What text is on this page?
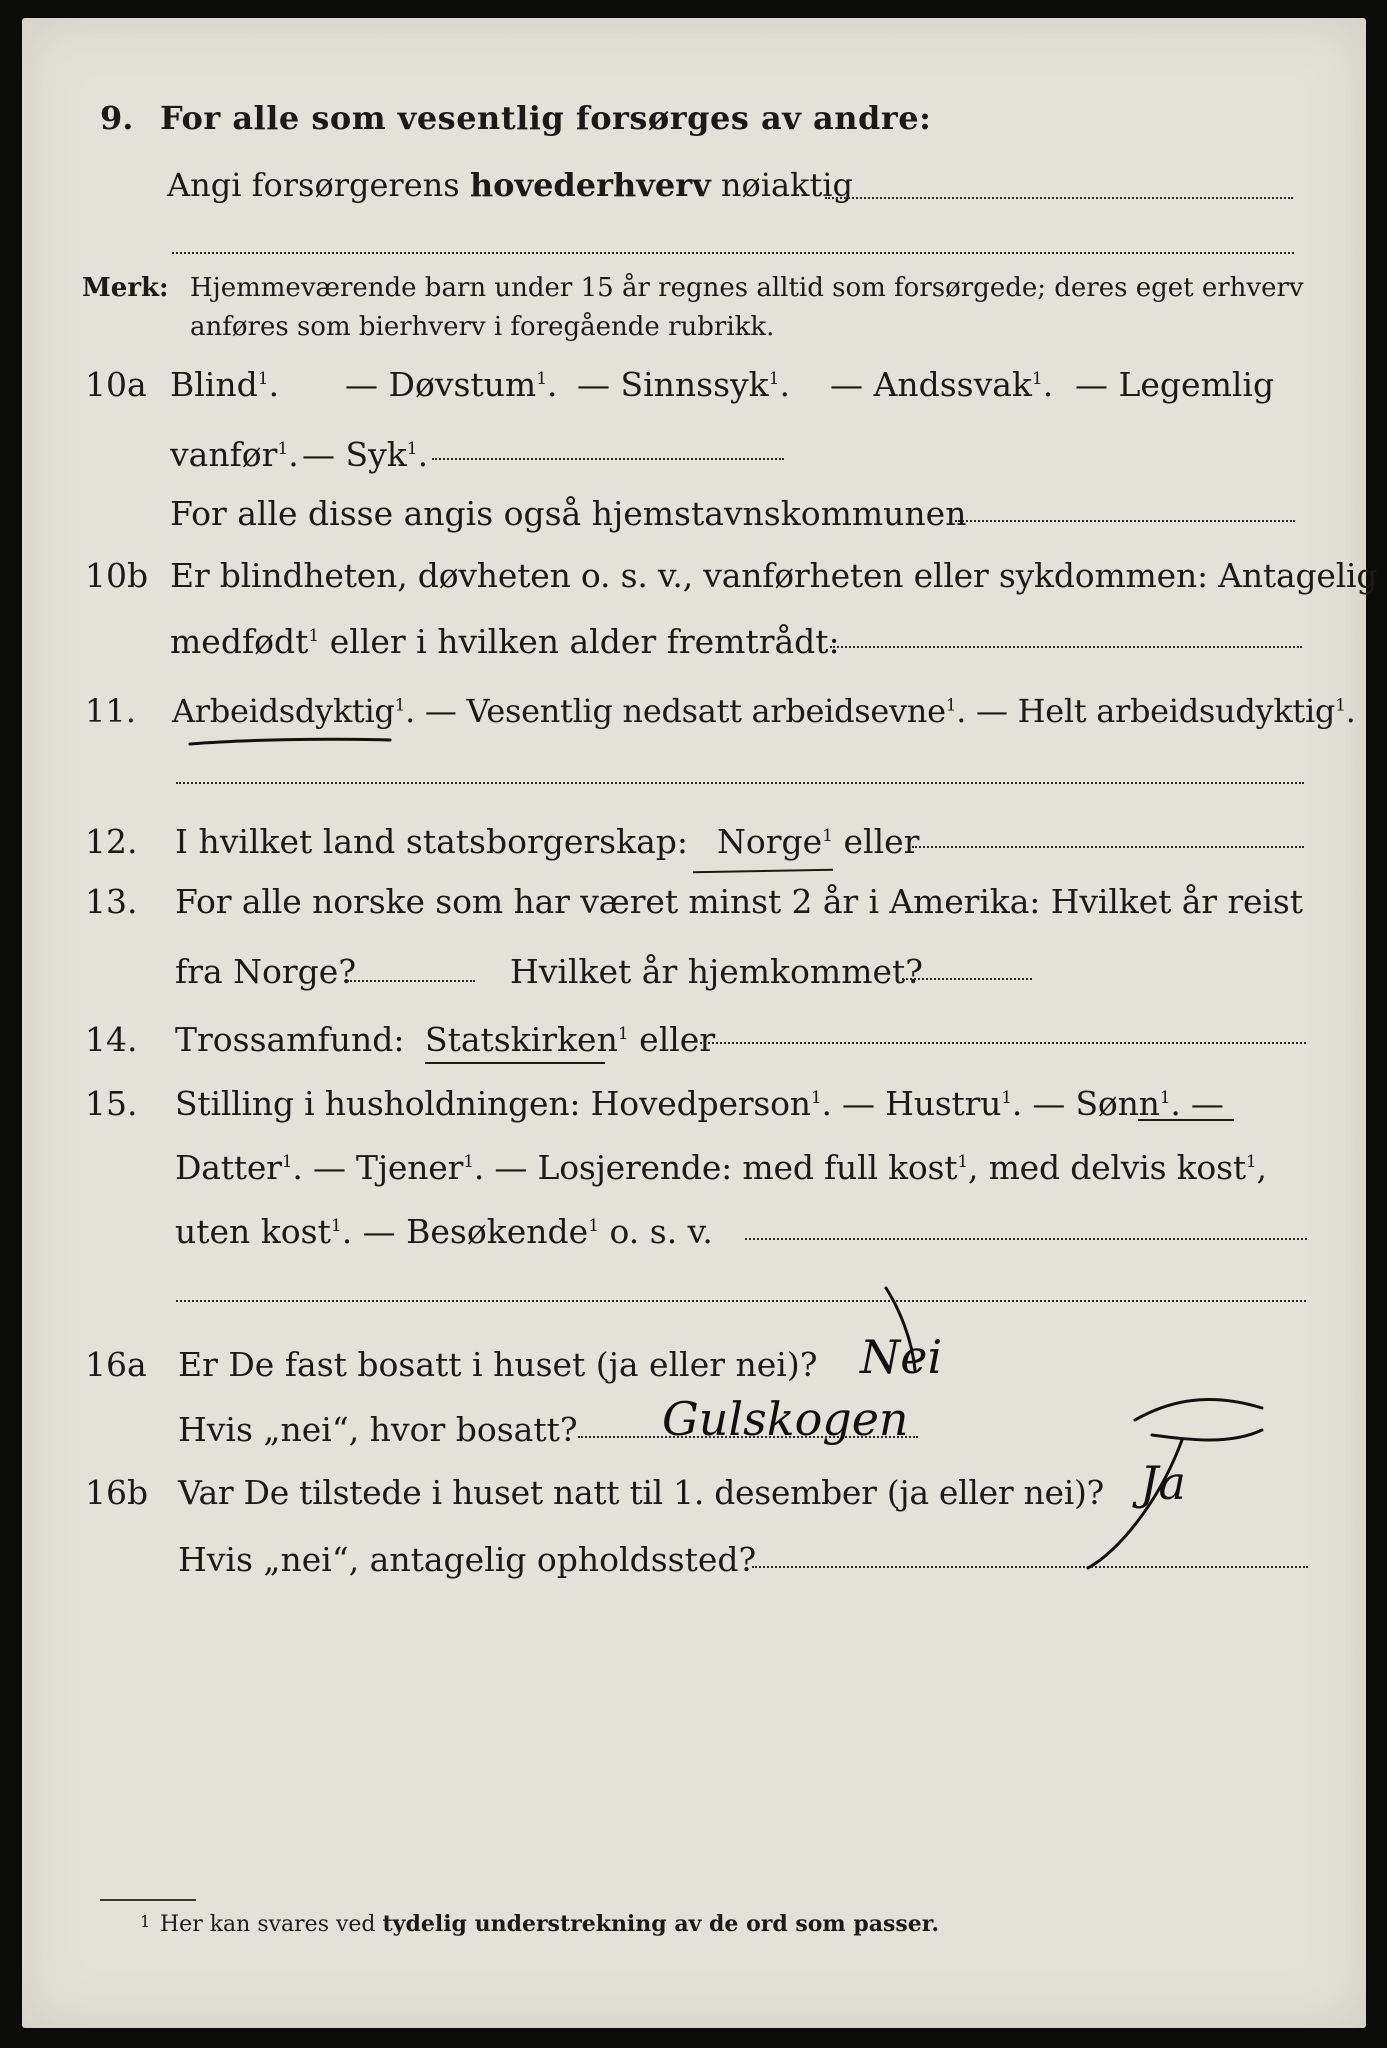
9. For alle som vesentlig forsørges av andre:
Angi forsørgerens hovederhverv nøiaktig
Merk: Hjemmeværende barn under 15 år regnes alltid som forsørgede; deres eget erhverv
anføres som bierhverv i foregående rubrikk.
10a Blind$^1$. — Døvstum$^1$. — Sinnssyk$^1$. — Andssvak$^1$. — Legemlig
vanfør$^1$. — Syk$^1$.
For alle disse angis også hjemstavnskommunen
10b Er blindheten, døvheten o. s. v., vanførheten eller sykdommen: Antagelig
medfødt$^1$ eller i hvilken alder fremtrådt:
11. Arbeidsdyktig$^1$. — Vesentlig nedsatt arbeidsevne$^1$. — Helt arbeidsudyktig$^1$.
12. I hvilket land statsborgerskap: Norge$^1$ eller
13. For alle norske som har været minst 2 år i Amerika: Hvilket år reist
fra Norge?	Hvilket år hjemkommet?
14. Trossamfund: Statskirken$^1$ eller
15. Stilling i husholdningen: Hovedperson$^1$. — Hustru$^1$. — Sønn$^1$. —
Datter$^1$. — Tjener$^1$. — Losjerende: med full kost$^1$, med delvis kost$^1$,
uten kost$^1$. — Besøkende$^1$ o. s. v.
16a Er De fast bosatt i huset (ja eller nei)? Nei
Hvis „nei“, hvor bosatt? Gulskogen
16b Var De tilstede i huset natt til 1. desember (ja eller nei)? Ja
Hvis „nei“, antagelig opholdssted?
1 Her kan svares ved tydelig understrekning av de ord som passer.
